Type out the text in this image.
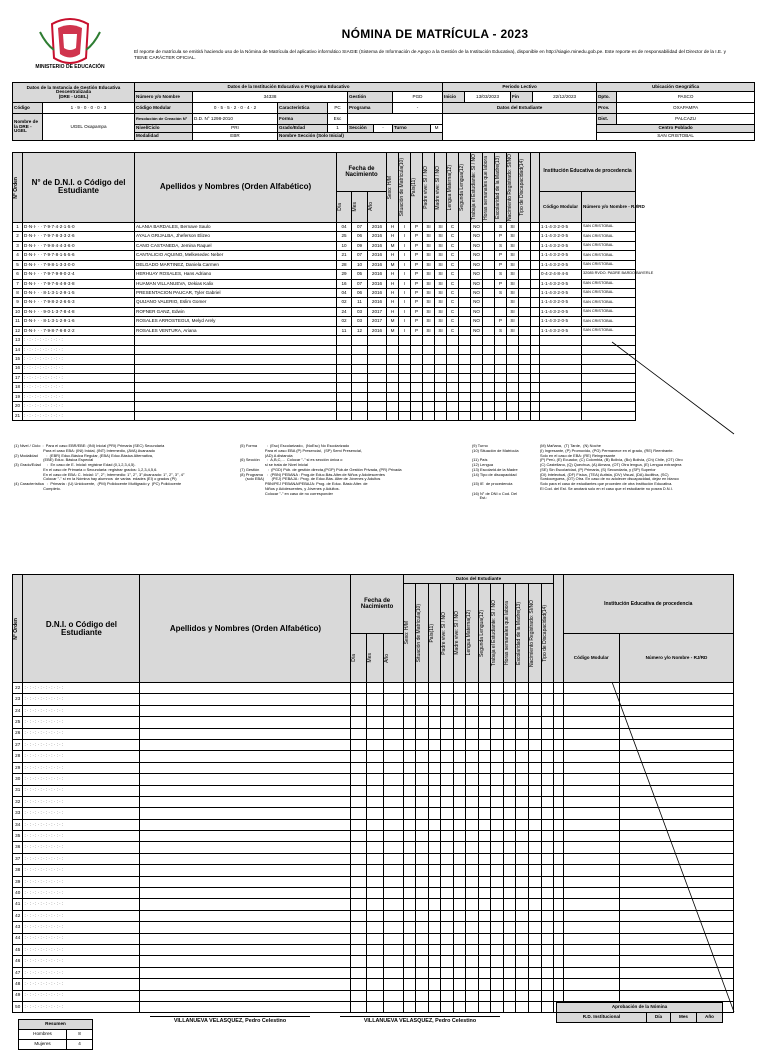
MINISTERIO DE EDUCACIÓN
NÓMINA DE MATRÍCULA - 2023
El reporte de matrícula se emitirá haciendo uso de la Nómina de Matrícula del aplicativo informático SIAGIE (Sistema de Información de Apoyo a la Gestión de la Institución Educativa), disponible en http://siagie.minedu.gob.pe. Este reporte es de responsabilidad del Director de la I.E. y TIENE CARÁCTER OFICIAL.
Datos de la Instancia de Gestión Educativa Descentralizada
(DRE - UGEL)		Datos de la Institución Educativa o Programa Educativo								Periodo Lectivo				Ubicación Geográfica	
		Número y/o Nombre	34338			Gestión		PGD		Inicio	13/03/2023	Fin	22/12/2023	Dpto.	PASCO
Código	1 · 9 · 0 · 0 · 0 · 3	Código Modular	0 · 5 · 5 · 2 · 0 · 4 · 2	Característica	PC	Programa		-		Datos del Estudiante				Prov.	OXAPAMPA
Nombre de la DRE - UGEL	UGEL Oxapampa	Resolución de Creación N°	D.D. N° 1298-2010	Forma	Esc									Dist.	PALCAZU
		Nivel/Ciclo	PRI	Grado/Edad	1	Sección	-	Turno	M					Centro Poblado	
		Modalidad	EBR	Nombre Sección (Solo Inicial)										SAN CRISTOBAL	
N° Orden	N° de D.N.I. o Código del Estudiante	Apellidos y Nombres (Orden Alfabético)	Fecha de Nacimiento			Sexo: H/M	Situación de Matrícula(10)	País(11)	Padre vive: SI / NO	Madre vive: SI / NO	Lengua Materna(12)	Segunda Lengua(12)	Trabaja el Estudiante: SI / NO	Horas semanales que labora	Escolaridad de la Madre(13)	Nacimiento Registrado: SI/NO	Tipo de Discapacidad(14)		Institución Educativa de procedencia	

			Día	Mes	Año														Código Modular	Número y/o Nombre - RJ/RD
1	D·N·I· · · 7·9·7·4·2·1·5·0	ALANIA BARDALES, Bernave Saulo	04	07	2016	H	I	P	SI	SI	C		NO		S	SI			1·1·4·3·2·0·5	SAN CRISTOBAL
2	D·N·I· · · 7·9·7·8·3·3·2·6	AYALA GRIJALBA, Jheferson Elizeo	25	06	2016	H	I	P	SI	SI	C		NO		P	SI			1·1·4·3·2·0·5	SAN CRISTOBAL
3	D·N·I· · · 7·9·8·4·4·3·6·0	CANO CASTANEDA, Jemina Raquel	10	09	2016	M	I	P	SI	SI	C		NO		S	SI			1·1·4·3·2·0·5	SAN CRISTOBAL
4	D·N·I· · · 7·9·7·8·1·5·5·6	CANTALICIO AQUINO, Melkesedec Neber	21	07	2016	H	I	P	SI	SI	C		NO		P	SI			1·1·4·3·2·0·5	SAN CRISTOBAL
5	D·N·I· · · 7·9·8·1·3·3·0·0	DELGADO MARTINEZ, Daniela Carmen	28	10	2016	M	I	P	SI	SI	C		NO		P	SI			1·1·4·3·2·0·5	SAN CRISTOBAL
6	D·N·I· · · 7·9·7·9·9·0·2·4	HERHUAY ROSALES, Hans Adriano	29	05	2016	H	I	P	SI	SI	C		NO		S	SI			0·4·2·4·8·4·6	32085 RVDO. PADRE BARDO BAYERLE
7	D·N·I· · · 7·9·7·6·4·9·3·8	HUAMAN VILLANUEVA, Izekias Kalix	16	07	2016	H	I	P	SI	SI	C		NO		P	SI			1·1·4·3·2·0·5	SAN CRISTOBAL
8	D·N·I· · · 8·1·3·1·2·9·1·5	PRESENTACION PAUCAR, Tyler Gabriel	04	06	2016	H	I	P	SI	SI	C		NO		S	SI			1·1·4·3·2·0·5	SAN CRISTOBAL
9	D·N·I· · · 7·9·8·2·2·6·5·3	QUIJANO VALERIO, Eslim Gomer	02	11	2016	H	I	P	SI	SI	C		NO			SI			1·1·4·3·2·0·5	SAN CRISTOBAL
10	D·N·I· · · 9·0·1·3·7·8·4·8	ROFNER GANZ, Edwin	24	03	2017	H	I	P	SI	SI	C		NO			SI			1·1·4·3·2·0·5	SAN CRISTOBAL
11	D·N·I· · · 8·1·3·1·2·9·1·6	ROSALES ARROSTEGUI, Melyd Arely	02	03	2017	M	I	P	SI	SI	C		NO		P	SI			1·1·4·3·2·0·5	SAN CRISTOBAL
12	D·N·I· · · 7·9·8·7·6·8·2·2	ROSALES VENTURA, Ariana	11	12	2016	M	I	P	SI	SI	C		NO		S	SI			1·1·4·3·2·0·5	SAN CRISTOBAL
13	: · : · : · : · : · : · : · :																			
14	: · : · : · : · : · : · : · :																			
15	: · : · : · : · : · : · : · :																			
16	: · : · : · : · : · : · : · :																			
17	: · : · : · : · : · : · : · :																			
18	: · : · : · : · : · : · : · :																			
19	: · : · : · : · : · : · : · :																			
20	: · : · : · : · : · : · : · :																			
21	: · : · : · : · : · : · : · :																			
(1) Nivel / Ciclo  :  Para el caso EBR/EBE: (INI) Inicial (PRI) Primaria (SEC) Secundaria
Para el caso EBA: (INI) Inicial, (INT) Intermedio, (AVA) Avanzado
(2) Modalidad        :  (EBR) Educ.Básica Regular, (EBA) Educ.Básica Alternativa,
(EBE) Educ. Básica Especial
(3) Grado/Edad      :  En caso de E. Inicial: registrar Edad (0,1,2,3,4,5).
En el caso de Primaria o Secundaria: registrar grados: 1,2,3,4,5,6.
En el caso de EBA: C. Inicial: 1°, 2°; Intermedio: 1°, 2°, 3°;Avanzado: 1°, 2°, 3°, 4°
Colocar "-" si en la Nómina hay alumnos  de varias  edades (EI) o grados (PI)
(4) Característica   :  Primaria : (U) Unidocente,  (PM) Polidocente Multigrado y  (PC) Polidocente
Completo.
(5) Forma         :  (Esc) Escolarizado,  (NoEsc) No Escolarizado
Para el caso EBA (P) Presencial,  (SP) Semi Presencial,
(AD) A distancia
(6) Sección       :  A,B,C,...  Colocar "-" si es sección única o
si se trata de Nivel Inicial
(7) Gestión        :  (PGD) Púb. de gestión directa,(PGP) Púb.de Gestión Privada, (PR) Privada
(8) Programa    :  (PBN) PEBANA : Prog.de Educ.Bás.Alter.de Niños y Adolescentes
(solo EBA)       (PEJ) PEBAJA : Prog. de Educ.Bás. Alter.de Jóvenes y Adultos
PBN/PEJ PEBANA/PEBAJA: Prog. de Educ. Básic Alter. de
Niños y Adolescentes, y Jóvenes y Adultos.
Colocar "-" en caso de no corresponder
(9) Turno
(10) Situación de Matrícula

(11) País
(12) Lengua
(13) Escolarid.de la Madre
(14) Tipo de discapacidad

(15) IE  de procedencia

(16) N° de DNI o Cod. Del
Est.:
(M) Mañana,  (T) Tarde,  (N) Noche
(I) Ingresante, (P) Promovido, (PG) Permanece en el grado, (RE) Reentrante.
Solo en el caso de EBA: (RE) Reingresante
(P) Perú, (E) Ecuador, (C) Colombia, (B) Bolivia, (Bo) Bolivia, (Ch) Chile, (OT) Otro
(C) Castellano, (Q) Quechua, (A) Aimara, (OT) Otra lengua, (E) Lengua extranjera
(SE) Sin Escolaridad, (P) Primaria, (S) Secundaria, y (SP) Superior
(DI) Intelectual, (DF) Física, (TEA) Autista, (DV) Visual, (DA) Auditiva, (SC)
Sordoceguera, (OT) Otra. En caso de no adolecer discapacidad, dejar en blanco
Solo para el caso de estudiantes que proceden de otra Institución Educativa.
El Cod. del Est. Se anotará solo en el caso que el estudiante no posea D.N.I.
N° Orden	D.N.I. o Código del Estudiante	Apellidos y Nombres (Orden Alfabético)	Fecha de Nacimiento			Datos del Estudiante													Institución Educativa de procedencia	

						Sexo: H/M	Situación de Matrícula(10)	País(11)	Padre vive: SI / NO	Madre vive: SI / NO	Lengua Materna(12)	Segunda Lengua(12)	Trabaja el Estudiante: SI / NO	Horas semanales que labora	Escolaridad de la Madre(13)	Nacimiento Registrado: SI/NO	Tipo de Discapacidad(14)			

			Día	Mes	Año														Código Modular	Número y/o Nombre - RJ/RD
22	: · : · : · : · : · : · : · :																			
23	: · : · : · : · : · : · : · :																			
24	: · : · : · : · : · : · : · :																			
25	: · : · : · : · : · : · : · :																			
26	: · : · : · : · : · : · : · :																			
27	: · : · : · : · : · : · : · :																			
28	: · : · : · : · : · : · : · :																			
29	: · : · : · : · : · : · : · :																			
30	: · : · : · : · : · : · : · :																			
31	: · : · : · : · : · : · : · :																			
32	: · : · : · : · : · : · : · :																			
33	: · : · : · : · : · : · : · :																			
34	: · : · : · : · : · : · : · :																			
35	: · : · : · : · : · : · : · :																			
36	: · : · : · : · : · : · : · :																			
37	: · : · : · : · : · : · : · :																			
38	: · : · : · : · : · : · : · :																			
39	: · : · : · : · : · : · : · :																			
40	: · : · : · : · : · : · : · :																			
41	: · : · : · : · : · : · : · :																			
42	: · : · : · : · : · : · : · :																			
43	: · : · : · : · : · : · : · :																			
44	: · : · : · : · : · : · : · :																			
45	: · : · : · : · : · : · : · :																			
46	: · : · : · : · : · : · : · :																			
47	: · : · : · : · : · : · : · :																			
48	: · : · : · : · : · : · : · :																			
49	: · : · : · : · : · : · : · :																			
50	: · : · : · : · : · : · : · :																			
Resumen	
Hombres	8
Mujeres	4
VILLANUEVA VELASQUEZ, Pedro Celestino	VILLANUEVA VELASQUEZ, Pedro Celestino
Aprobación de la Nómina
R.D. Institucional	Día	Mes	Año
